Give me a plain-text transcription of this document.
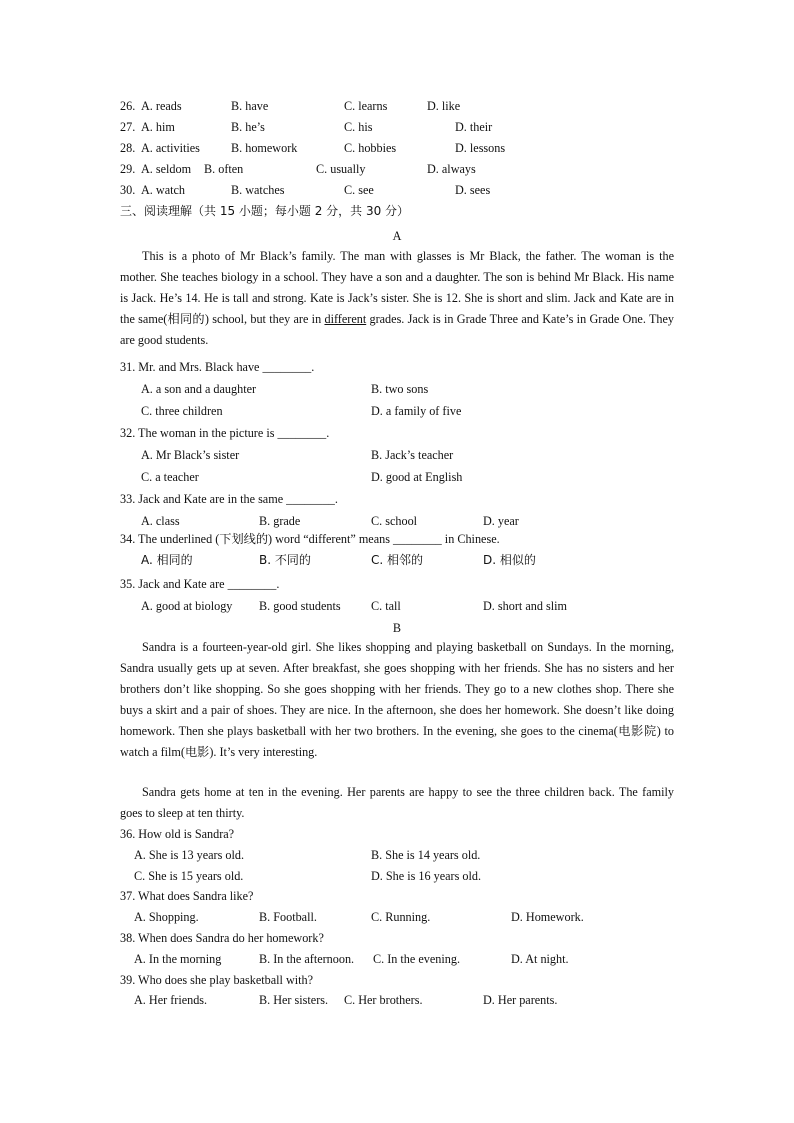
26. A. reads	B. have	C. learns	D. like
27. A. him	B. he’s	C. his	D. their
28. A. activities	B. homework	C. hobbies	D. lessons
29. A. seldom B. often	C. usually	D. always
30. A. watch	B. watches	C. see	D. sees
三、阅读理解（共 15 小题；每小题 2 分，共 30 分）
A
This is a photo of Mr Black’s family. The man with glasses is Mr Black, the father. The woman is the mother. She teaches biology in a school. They have a son and a daughter. The son is behind Mr Black. His name is Jack. He’s 14. He is tall and strong. Kate is Jack’s sister. She is 12. She is short and slim. Jack and Kate are in the same(相同的) school, but they are in different grades. Jack is in Grade Three and Kate’s in Grade One. They are good students.
31. Mr. and Mrs. Black have ________.
A. a son and a daughter	B. two sons
C. three children	D. a family of five
32. The woman in the picture is ________.
A. Mr Black’s sister	B. Jack’s teacher
C. a teacher	D. good at English
33. Jack and Kate are in the same ________.
A. class	B. grade	C. school	D. year
34. The underlined (下划线的) word “different” means ________ in Chinese.
A. 相同的	B. 不同的	C. 相邻的	D. 相似的
35. Jack and Kate are ________.
A. good at biology B. good students C. tall	D. short and slim
B
Sandra is a fourteen-year-old girl. She likes shopping and playing basketball on Sundays. In the morning, Sandra usually gets up at seven. After breakfast, she goes shopping with her friends. She has no sisters and her brothers don’t like shopping. So she goes shopping with her friends. They go to a new clothes shop. There she buys a skirt and a pair of shoes. They are nice. In the afternoon, she does her homework. She doesn’t like doing homework. Then she plays basketball with her two brothers. In the evening, she goes to the cinema(电影院) to watch a film(电影). It’s very interesting.
Sandra gets home at ten in the evening. Her parents are happy to see the three children back. The family goes to sleep at ten thirty.
36. How old is Sandra?
A. She is 13 years old.	B. She is 14 years old.
C. She is 15 years old.	D. She is 16 years old.
37. What does Sandra like?
A. Shopping.	B. Football.	C. Running.	D. Homework.
38. When does Sandra do her homework?
A. In the morning	B. In the afternoon. C. In the evening.	D. At night.
39. Who does she play basketball with?
A. Her friends.	B. Her sisters. C. Her brothers.	D. Her parents.
